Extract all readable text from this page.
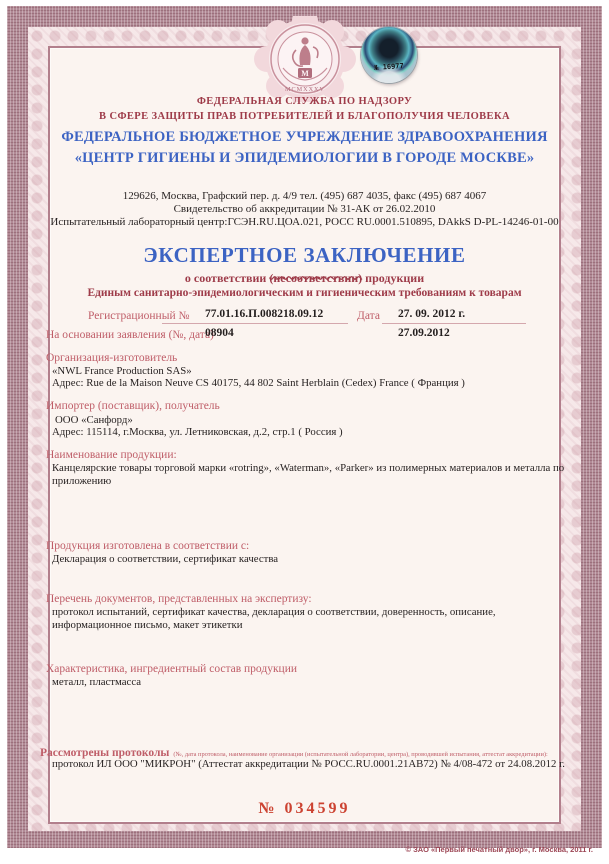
M
MCMXXXV
№ 16977
ФЕДЕРАЛЬНАЯ СЛУЖБА ПО НАДЗОРУ
В СФЕРЕ ЗАЩИТЫ ПРАВ ПОТРЕБИТЕЛЕЙ И БЛАГОПОЛУЧИЯ ЧЕЛОВЕКА
ФЕДЕРАЛЬНОЕ БЮДЖЕТНОЕ УЧРЕЖДЕНИЕ ЗДРАВООХРАНЕНИЯ
«ЦЕНТР ГИГИЕНЫ И ЭПИДЕМИОЛОГИИ В ГОРОДЕ МОСКВЕ»
129626, Москва, Графский пер. д. 4/9 тел. (495) 687 4035, факс (495) 687 4067
Свидетельство об аккредитации № 31-АК от 26.02.2010
Испытательный лабораторный центр:ГСЭН.RU.ЦОА.021, РОСС RU.0001.510895, DAkkS D-PL-14246-01-00
ЭКСПЕРТНОЕ ЗАКЛЮЧЕНИЕ
о соответствии (несоответствии) продукции
Единым санитарно-эпидемиологическим и гигиеническим требованиям к товарам
Регистрационный № 77.01.16.П.008218.09.12	Дата 27. 09. 2012 г.
На основании заявления (№, дата)
08904	27.09.2012
Организация-изготовитель
«NWL France Production SAS»
Адрес: Rue de la Maison Neuve CS 40175, 44 802 Saint Herblain (Cedex) France ( Франция )
Импортер (поставщик), получатель
ООО «Санфорд»
Адрес: 115114, г.Москва, ул. Летниковская, д.2, стр.1 ( Россия )
Наименование продукции:
Канцелярские товары торговой марки «rotring», «Waterman», «Parker» из полимерных материалов и металла по приложению
Продукция изготовлена в соответствии с:
Декларация о соответствии, сертификат качества
Перечень документов, представленных на экспертизу:
протокол испытаний, сертификат качества, декларация о соответствии, доверенность, описание, информационное письмо, макет этикетки
Характеристика, ингредиентный состав продукции
металл, пластмасса
Рассмотрены протоколы (№, дата протокола, наименование организации (испытательной лаборатории, центра), проводившей испытания, аттестат аккредитации):
протокол ИЛ ООО "МИКРОН" (Аттестат аккредитации № РОСС.RU.0001.21АВ72) № 4/08-472 от 24.08.2012 г.
№ 034599
© ЗАО «Первый печатный двор», г. Москва, 2011 г.
